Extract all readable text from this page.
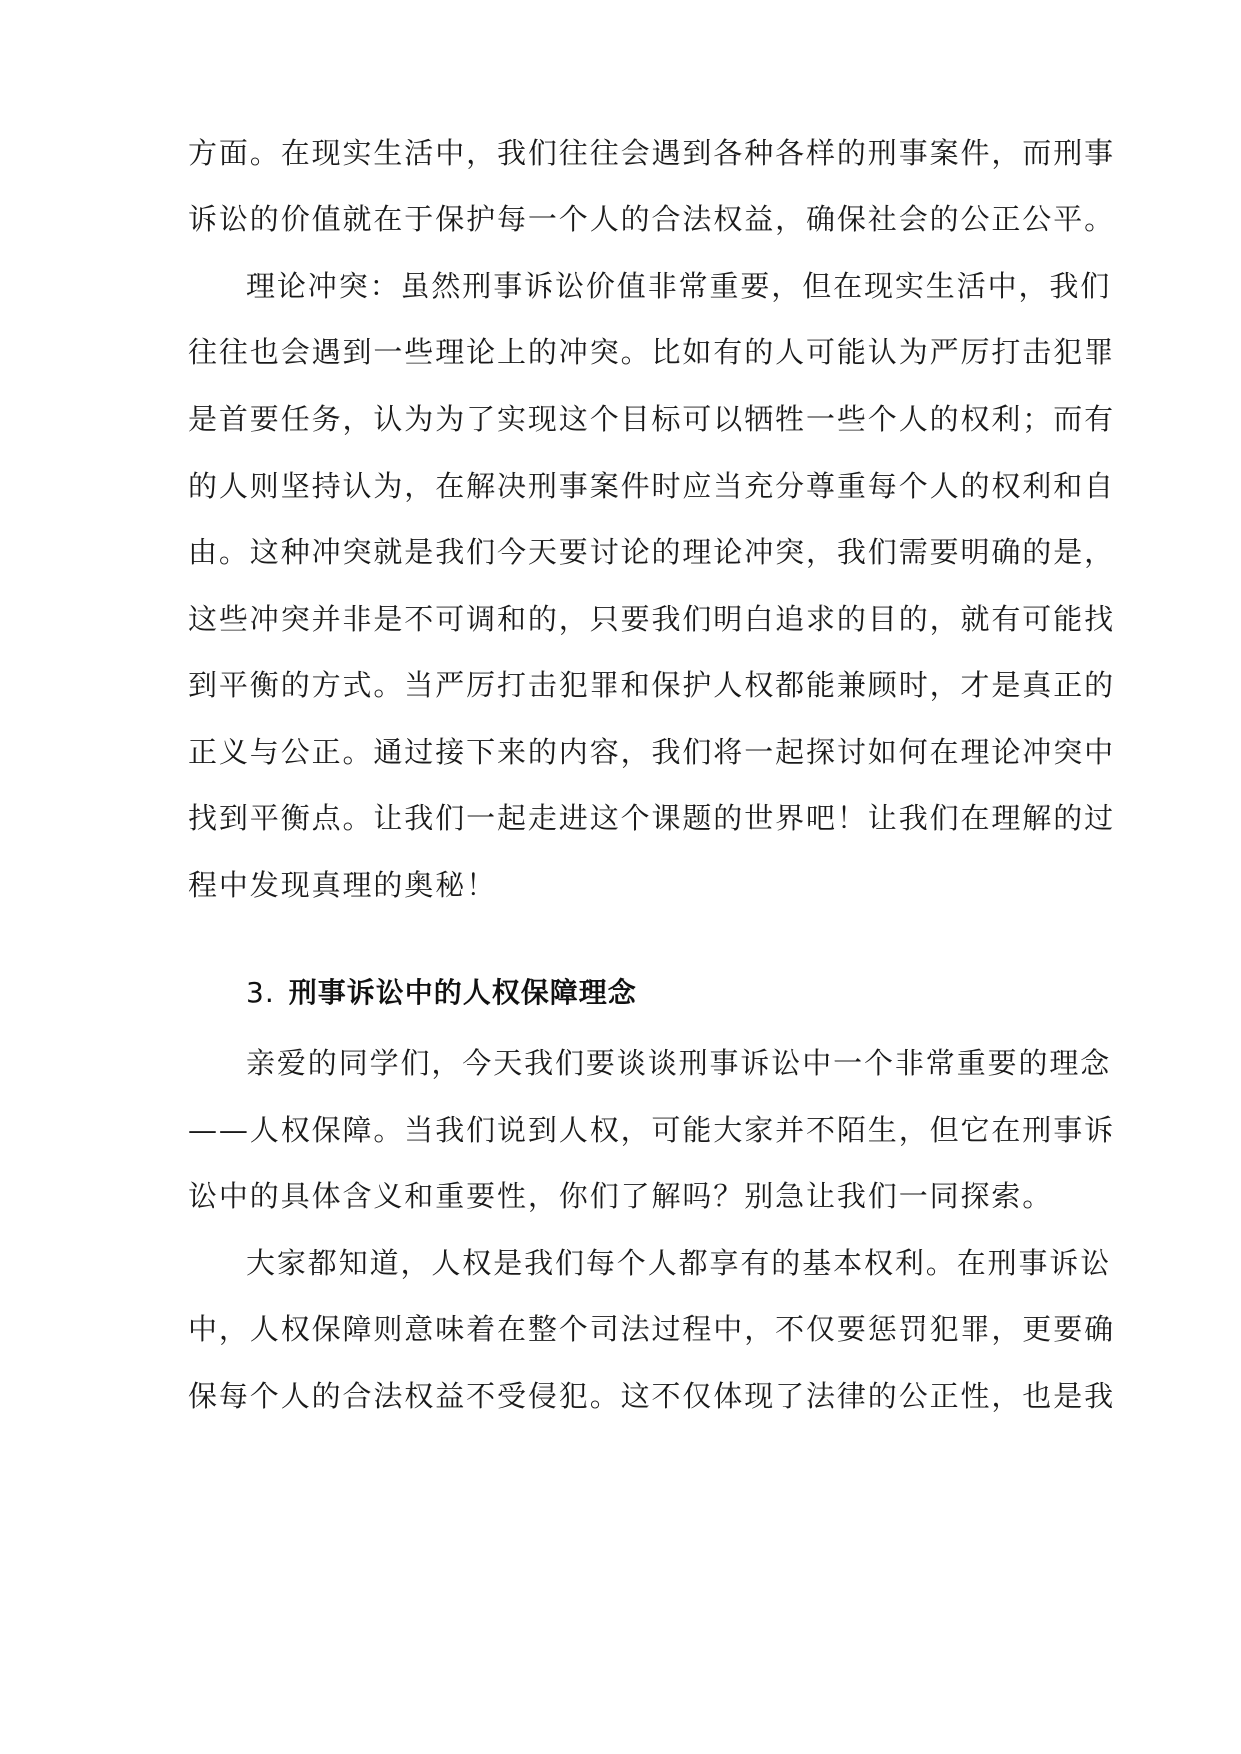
方面。在现实生活中，我们往往会遇到各种各样的刑事案件，而刑事
诉讼的价值就在于保护每一个人的合法权益，确保社会的公正公平。
理论冲突：虽然刑事诉讼价值非常重要，但在现实生活中，我们
往往也会遇到一些理论上的冲突。比如有的人可能认为严厉打击犯罪
是首要任务，认为为了实现这个目标可以牺牲一些个人的权利；而有
的人则坚持认为，在解决刑事案件时应当充分尊重每个人的权利和自
由。这种冲突就是我们今天要讨论的理论冲突，我们需要明确的是，
这些冲突并非是不可调和的，只要我们明白追求的目的，就有可能找
到平衡的方式。当严厉打击犯罪和保护人权都能兼顾时，才是真正的
正义与公正。通过接下来的内容，我们将一起探讨如何在理论冲突中
找到平衡点。让我们一起走进这个课题的世界吧！让我们在理解的过
程中发现真理的奥秘！
3. 刑事诉讼中的人权保障理念
亲爱的同学们，今天我们要谈谈刑事诉讼中一个非常重要的理念
——人权保障。当我们说到人权，可能大家并不陌生，但它在刑事诉
讼中的具体含义和重要性，你们了解吗？别急让我们一同探索。
大家都知道，人权是我们每个人都享有的基本权利。在刑事诉讼
中，人权保障则意味着在整个司法过程中，不仅要惩罚犯罪，更要确
保每个人的合法权益不受侵犯。这不仅体现了法律的公正性，也是我
